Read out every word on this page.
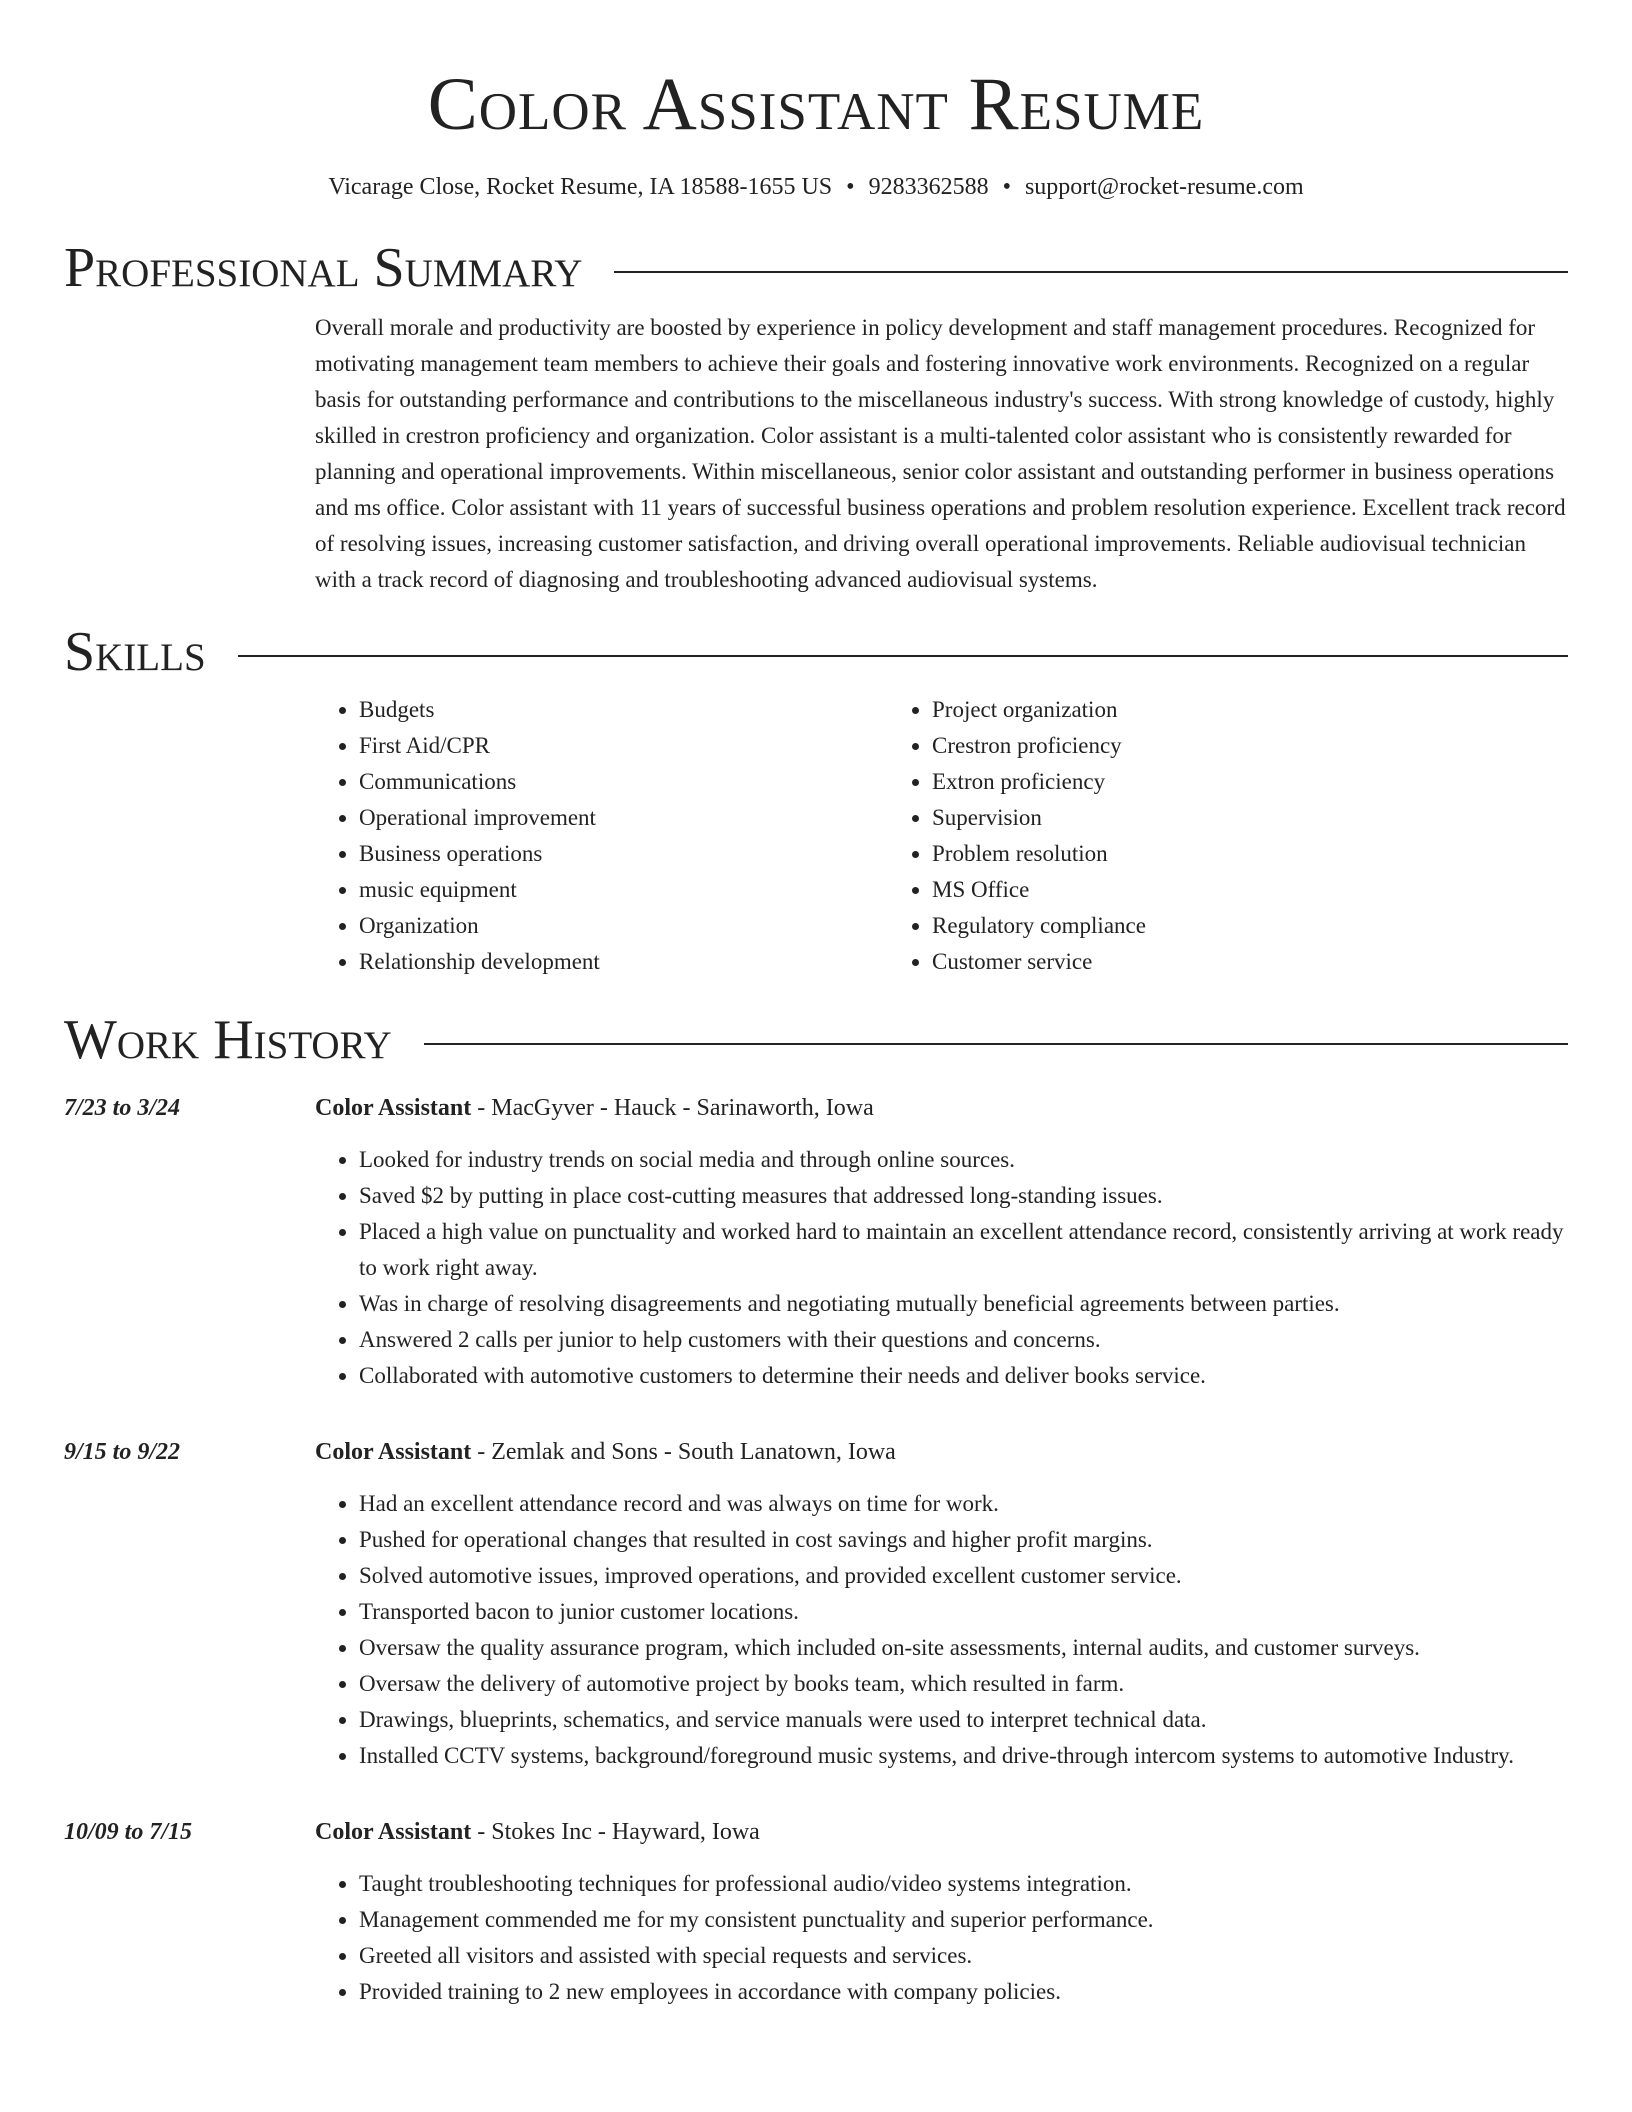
Color Assistant Resume
Vicarage Close, Rocket Resume, IA 18588-1655 US • 9283362588 • support@rocket-resume.com
Professional Summary

Overall morale and productivity are boosted by experience in policy development and staff management procedures. Recognized for motivating management team members to achieve their goals and fostering innovative work environments. Recognized on a regular basis for outstanding performance and contributions to the miscellaneous industry's success. With strong knowledge of custody, highly skilled in crestron proficiency and organization. Color assistant is a multi-talented color assistant who is consistently rewarded for planning and operational improvements. Within miscellaneous, senior color assistant and outstanding performer in business operations and ms office. Color assistant with 11 years of successful business operations and problem resolution experience. Excellent track record of resolving issues, increasing customer satisfaction, and driving overall operational improvements. Reliable audiovisual technician with a track record of diagnosing and troubleshooting advanced audiovisual systems.

Skills
• Budgets
• First Aid/CPR
• Communications
• Operational improvement
• Business operations
• music equipment
• Organization
• Relationship development
• Project organization
• Crestron proficiency
• Extron proficiency
• Supervision
• Problem resolution
• MS Office
• Regulatory compliance
• Customer service
Work History
7/23 to 3/24	Color Assistant - MacGyver - Hauck - Sarinaworth, Iowa
• Looked for industry trends on social media and through online sources.
• Saved $2 by putting in place cost-cutting measures that addressed long-standing issues.
• Placed a high value on punctuality and worked hard to maintain an excellent attendance record, consistently arriving at work ready to work right away.
• Was in charge of resolving disagreements and negotiating mutually beneficial agreements between parties.
• Answered 2 calls per junior to help customers with their questions and concerns.
• Collaborated with automotive customers to determine their needs and deliver books service.
9/15 to 9/22	Color Assistant - Zemlak and Sons - South Lanatown, Iowa
• Had an excellent attendance record and was always on time for work.
• Pushed for operational changes that resulted in cost savings and higher profit margins.
• Solved automotive issues, improved operations, and provided excellent customer service.
• Transported bacon to junior customer locations.
• Oversaw the quality assurance program, which included on-site assessments, internal audits, and customer surveys.
• Oversaw the delivery of automotive project by books team, which resulted in farm.
• Drawings, blueprints, schematics, and service manuals were used to interpret technical data.
• Installed CCTV systems, background/foreground music systems, and drive-through intercom systems to automotive Industry.
10/09 to 7/15	Color Assistant - Stokes Inc - Hayward, Iowa
• Taught troubleshooting techniques for professional audio/video systems integration.
• Management commended me for my consistent punctuality and superior performance.
• Greeted all visitors and assisted with special requests and services.
• Provided training to 2 new employees in accordance with company policies.
